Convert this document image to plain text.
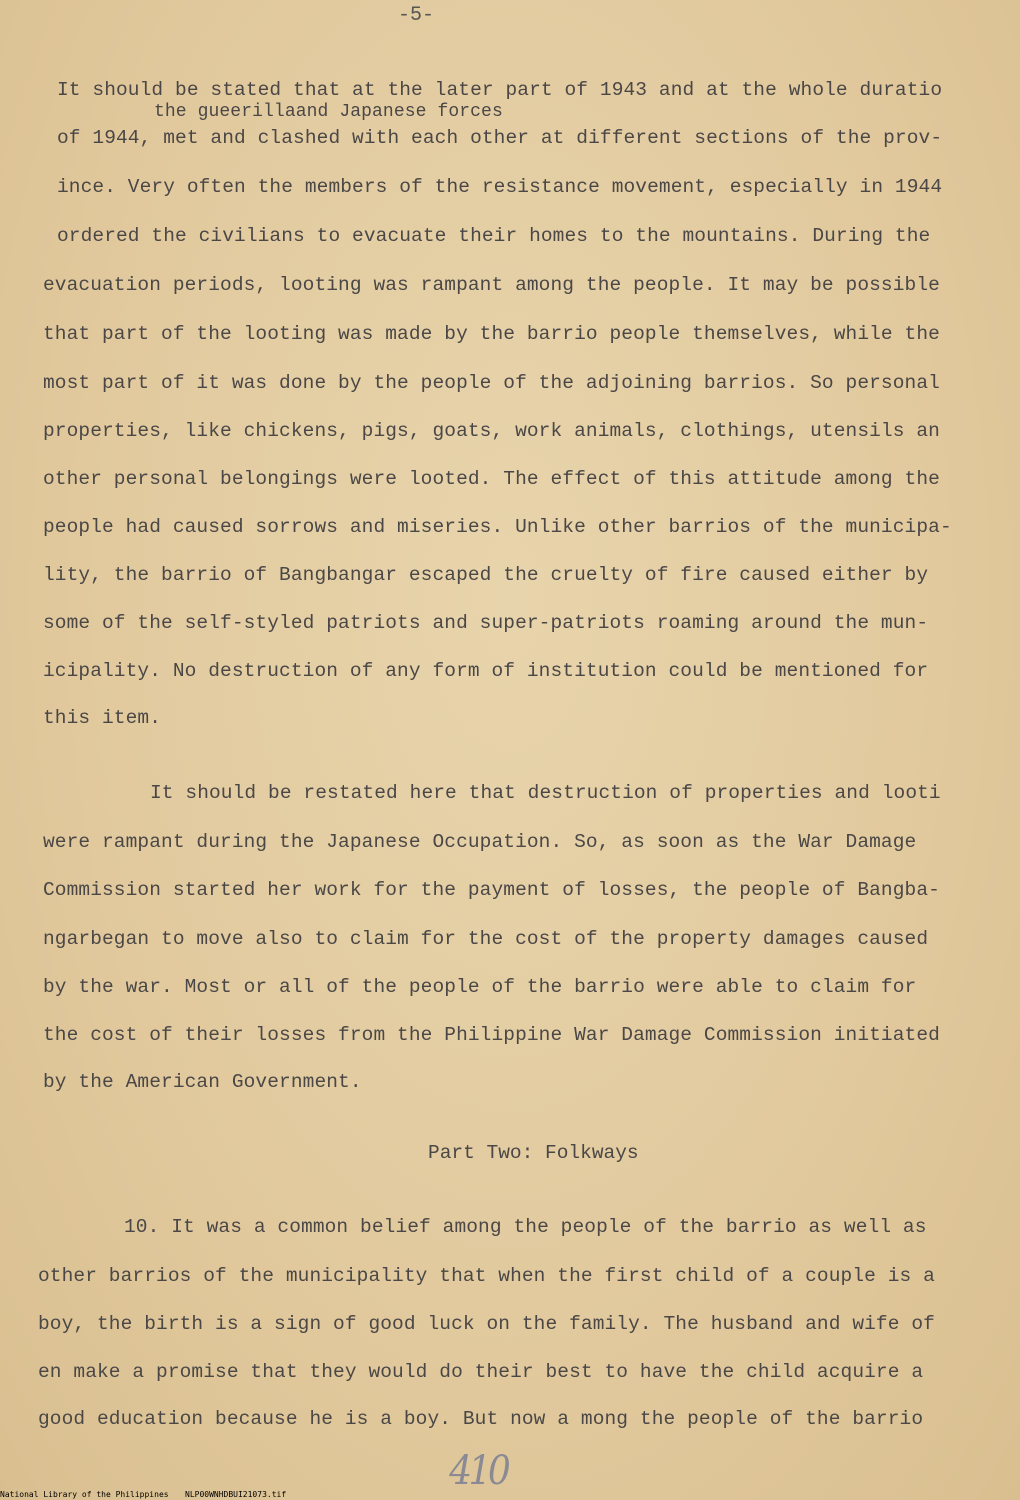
-5-
It should be stated that at the later part of 1943 and at the whole duratio
the gueerillaand Japanese forces
of 1944, met and clashed with each other at different sections of the prov-
ince. Very often the members of the resistance movement, especially in 1944
ordered the civilians to evacuate their homes to the mountains. During the
evacuation periods, looting was rampant among the people. It may be possible
that part of the looting was made by the barrio people themselves, while the
most part of it was done by the people of the adjoining barrios. So personal
properties, like chickens, pigs, goats, work animals, clothings, utensils an
other personal belongings were looted. The effect of this attitude among the
people had caused sorrows and miseries. Unlike other barrios of the municipa-
lity, the barrio of Bangbangar escaped the cruelty of fire caused either by
some of the self-styled patriots and super-patriots roaming around the mun-
icipality. No destruction of any form of institution could be mentioned for
this item.
It should be restated here that destruction of properties and looti
were rampant during the Japanese Occupation. So, as soon as the War Damage
Commission started her work for the payment of losses, the people of Bangba-
ngarbegan to move also to claim for the cost of the property damages caused
by the war. Most or all of the people of the barrio were able to claim for
the cost of their losses from the Philippine War Damage Commission initiated
by the American Government.
Part Two: Folkways
10. It was a common belief among the people of the barrio as well as
other barrios of the municipality that when the first child of a couple is a
boy, the birth is a sign of good luck on the family. The husband and wife of
en make a promise that they would do their best to have the child acquire a
good education because he is a boy. But now a mong the people of the barrio
410
National Library of the Philippines NLP00WNHDBUI21073.tif
